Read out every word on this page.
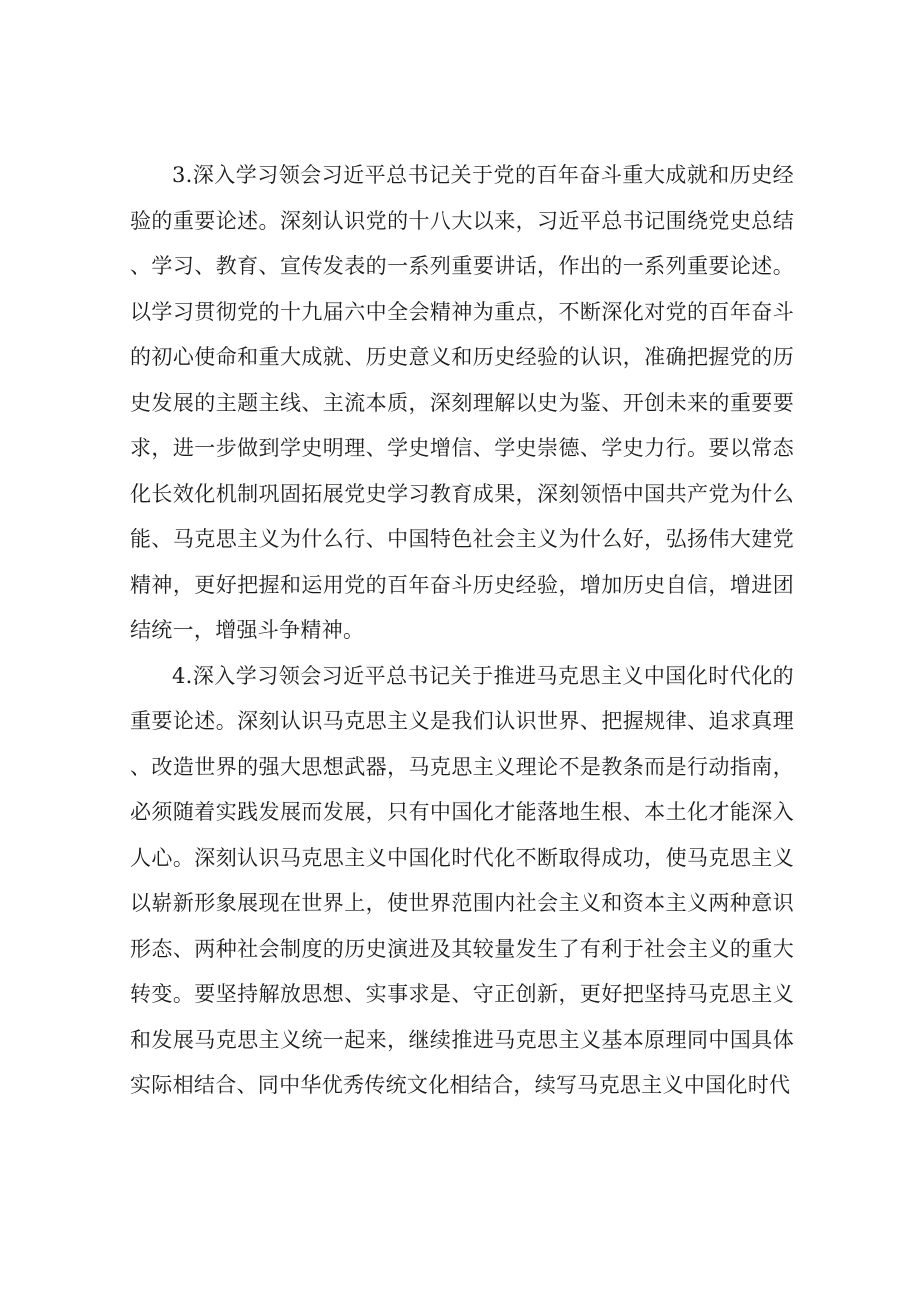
3.深入学习领会习近平总书记关于党的百年奋斗重大成就和历史经验的重要论述。深刻认识党的十八大以来，习近平总书记围绕党史总结、学习、教育、宣传发表的一系列重要讲话，作出的一系列重要论述。以学习贯彻党的十九届六中全会精神为重点，不断深化对党的百年奋斗的初心使命和重大成就、历史意义和历史经验的认识，准确把握党的历史发展的主题主线、主流本质，深刻理解以史为鉴、开创未来的重要要求，进一步做到学史明理、学史增信、学史崇德、学史力行。要以常态化长效化机制巩固拓展党史学习教育成果，深刻领悟中国共产党为什么能、马克思主义为什么行、中国特色社会主义为什么好，弘扬伟大建党精神，更好把握和运用党的百年奋斗历史经验，增加历史自信，增进团结统一，增强斗争精神。

4.深入学习领会习近平总书记关于推进马克思主义中国化时代化的重要论述。深刻认识马克思主义是我们认识世界、把握规律、追求真理、改造世界的强大思想武器，马克思主义理论不是教条而是行动指南，必须随着实践发展而发展，只有中国化才能落地生根、本土化才能深入人心。深刻认识马克思主义中国化时代化不断取得成功，使马克思主义以崭新形象展现在世界上，使世界范围内社会主义和资本主义两种意识形态、两种社会制度的历史演进及其较量发生了有利于社会主义的重大转变。要坚持解放思想、实事求是、守正创新，更好把坚持马克思主义和发展马克思主义统一起来，继续推进马克思主义基本原理同中国具体实际相结合、同中华优秀传统文化相结合，续写马克思主义中国化时代
